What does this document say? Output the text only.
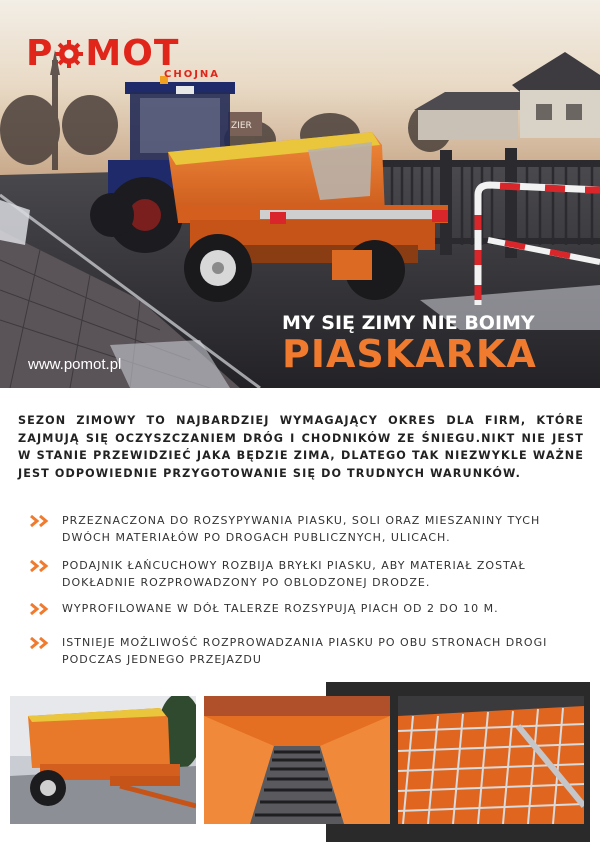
ZIER
P MOT
CHOJNA
MY SIĘ ZIMY NIE BOIMY
PIASKARKA
www.pomot.pl

SEZON ZIMOWY TO NAJBARDZIEJ WYMAGAJĄCY OKRES DLA FIRM, KTÓRE ZAJMUJĄ SIĘ OCZYSZCZANIEM DRÓG I CHODNIKÓW ZE ŚNIEGU.NIKT NIE JEST W STANIE PRZEWIDZIEĆ JAKA BĘDZIE ZIMA, DLATEGO TAK NIEZWYKLE WAŻNE JEST ODPOWIEDNIE PRZYGOTOWANIE SIĘ DO TRUDNYCH WARUNKÓW.

PRZEZNACZONA DO ROZSYPYWANIA PIASKU, SOLI ORAZ MIESZANINY TYCH DWÓCH MATERIAŁÓW PO DROGACH PUBLICZNYCH, ULICACH.
PODAJNIK ŁAŃCUCHOWY ROZBIJA BRYŁKI PIASKU, ABY MATERIAŁ ZOSTAŁ DOKŁADNIE ROZPROWADZONY PO OBLODZONEJ DRODZE.
WYPROFILOWANE W DÓŁ TALERZE ROZSYPUJĄ PIACH OD 2 DO 10 M.
ISTNIEJE MOŻLIWOŚĆ ROZPROWADZANIA PIASKU PO OBU STRONACH DROGI PODCZAS JEDNEGO PRZEJAZDU
